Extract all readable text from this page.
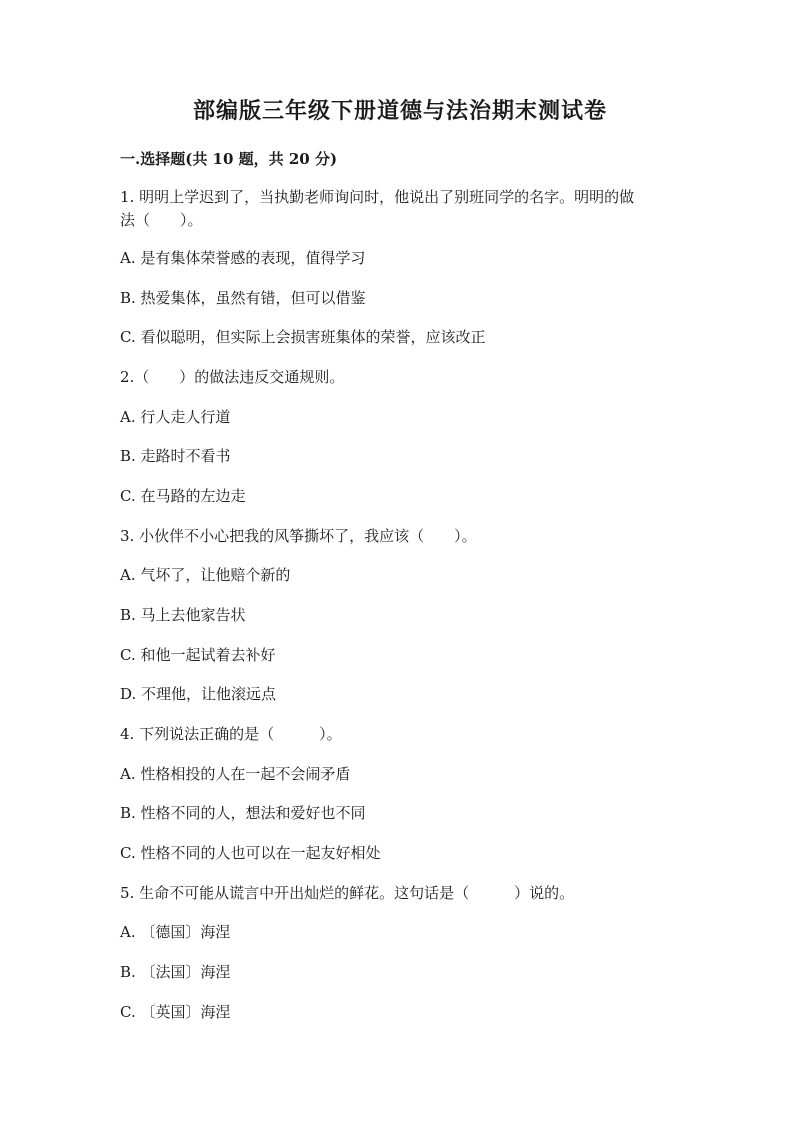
部编版三年级下册道德与法治期末测试卷
一.选择题(共 10 题，共 20 分)
1. 明明上学迟到了，当执勤老师询问时，他说出了别班同学的名字。明明的做
法（　　）。
A. 是有集体荣誉感的表现，值得学习
B. 热爱集体，虽然有错，但可以借鉴
C. 看似聪明，但实际上会损害班集体的荣誉，应该改正
2.（　　）的做法违反交通规则。
A. 行人走人行道
B. 走路时不看书
C. 在马路的左边走
3. 小伙伴不小心把我的风筝撕坏了，我应该（　　）。
A. 气坏了，让他赔个新的
B. 马上去他家告状
C. 和他一起试着去补好
D. 不理他，让他滚远点
4. 下列说法正确的是（　　　）。
A. 性格相投的人在一起不会闹矛盾
B. 性格不同的人，想法和爱好也不同
C. 性格不同的人也可以在一起友好相处
5. 生命不可能从谎言中开出灿烂的鲜花。这句话是（　　　）说的。
A. 〔德国〕海涅
B. 〔法国〕海涅
C. 〔英国〕海涅
